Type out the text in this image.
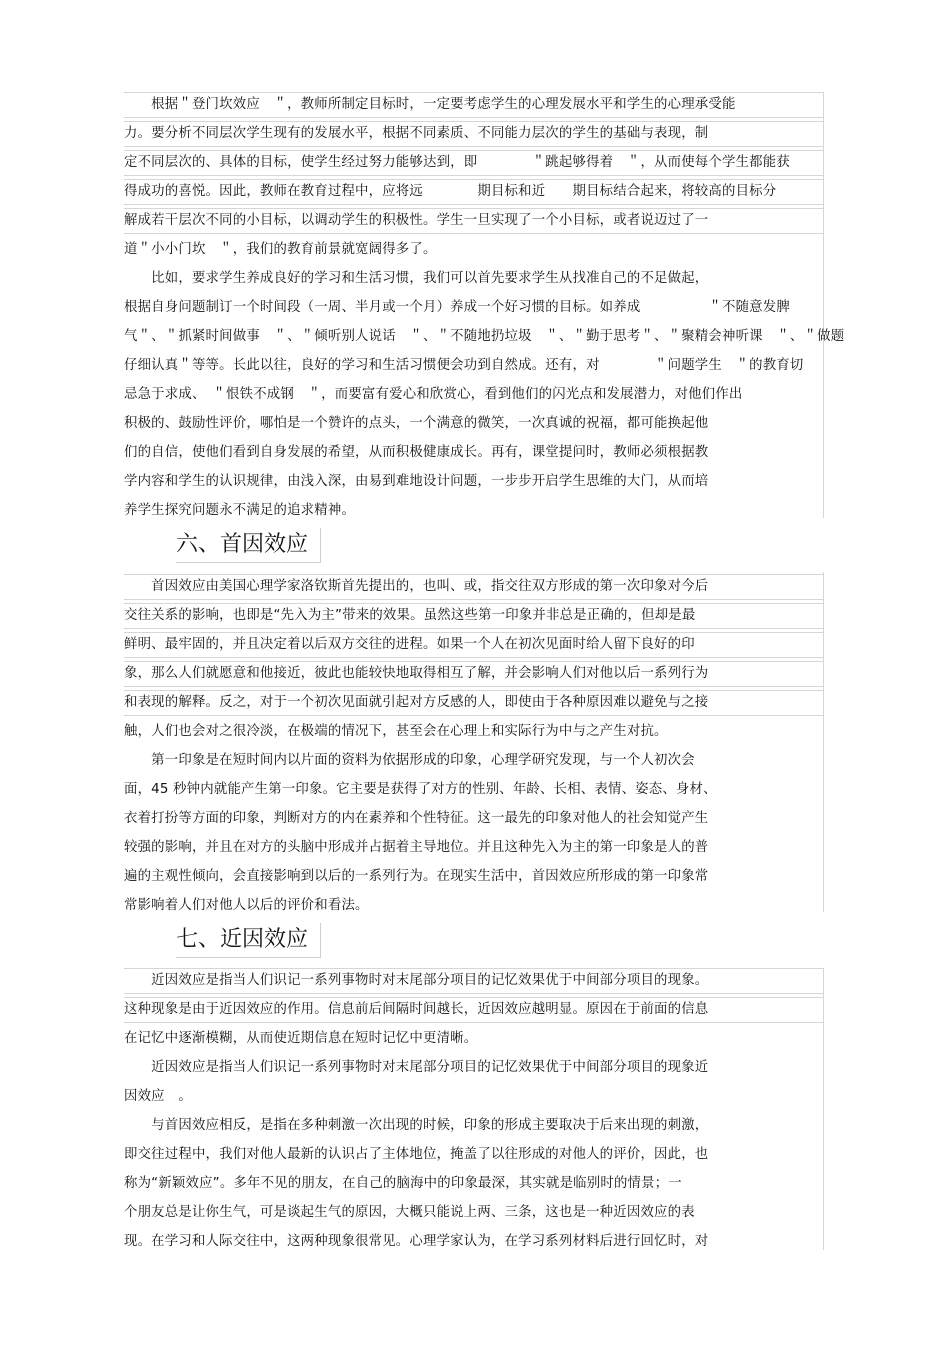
　　根据＂登门坎效应　＂，教师所制定目标时，一定要考虑学生的心理发展水平和学生的心理承受能
力。要分析不同层次学生现有的发展水平，根据不同素质、不同能力层次的学生的基础与表现，制
定不同层次的、具体的目标，使学生经过努力能够达到，即　　　　＂跳起够得着　＂，从而使每个学生都能获
得成功的喜悦。因此，教师在教育过程中，应将远　　　　期目标和近　　期目标结合起来，将较高的目标分
解成若干层次不同的小目标，以调动学生的积极性。学生一旦实现了一个小目标，或者说迈过了一
道＂小小门坎　＂，我们的教育前景就宽阔得多了。
　　比如，要求学生养成良好的学习和生活习惯，我们可以首先要求学生从找准自己的不足做起，
根据自身问题制订一个时间段（一周、半月或一个月）养成一个好习惯的目标。如养成　　　　　＂不随意发脾
气＂、＂抓紧时间做事　＂、＂倾听别人说话　＂、＂不随地扔垃圾　＂、＂勤于思考＂、＂聚精会神听课　＂、＂做题
仔细认真＂等等。长此以往，良好的学习和生活习惯便会功到自然成。还有，对　　　　＂问题学生　＂的教育切
忌急于求成、　＂恨铁不成钢　＂，而要富有爱心和欣赏心，看到他们的闪光点和发展潜力，对他们作出
积极的、鼓励性评价，哪怕是一个赞许的点头，一个满意的微笑，一次真诚的祝福，都可能换起他
们的自信，使他们看到自身发展的希望，从而积极健康成长。再有，课堂提问时，教师必须根据教
学内容和学生的认识规律，由浅入深，由易到难地设计问题，一步步开启学生思维的大门，从而培
养学生探究问题永不满足的追求精神。
六、首因效应
　　首因效应由美国心理学家洛钦斯首先提出的，也叫、或，指交往双方形成的第一次印象对今后
交往关系的影响，也即是“先入为主”带来的效果。虽然这些第一印象并非总是正确的，但却是最
鲜明、最牢固的，并且决定着以后双方交往的进程。如果一个人在初次见面时给人留下良好的印
象，那么人们就愿意和他接近，彼此也能较快地取得相互了解，并会影响人们对他以后一系列行为
和表现的解释。反之，对于一个初次见面就引起对方反感的人，即使由于各种原因难以避免与之接
触，人们也会对之很冷淡，在极端的情况下，甚至会在心理上和实际行为中与之产生对抗。
　　第一印象是在短时间内以片面的资料为依据形成的印象，心理学研究发现，与一个人初次会
面，45 秒钟内就能产生第一印象。它主要是获得了对方的性别、年龄、长相、表情、姿态、身材、
衣着打扮等方面的印象，判断对方的内在素养和个性特征。这一最先的印象对他人的社会知觉产生
较强的影响，并且在对方的头脑中形成并占据着主导地位。并且这种先入为主的第一印象是人的普
遍的主观性倾向，会直接影响到以后的一系列行为。在现实生活中，首因效应所形成的第一印象常
常影响着人们对他人以后的评价和看法。
七、近因效应
　　近因效应是指当人们识记一系列事物时对末尾部分项目的记忆效果优于中间部分项目的现象。
这种现象是由于近因效应的作用。信息前后间隔时间越长，近因效应越明显。原因在于前面的信息
在记忆中逐渐模糊，从而使近期信息在短时记忆中更清晰。
　　近因效应是指当人们识记一系列事物时对末尾部分项目的记忆效果优于中间部分项目的现象近
因效应　。
　　与首因效应相反，是指在多种刺激一次出现的时候，印象的形成主要取决于后来出现的刺激，
即交往过程中，我们对他人最新的认识占了主体地位，掩盖了以往形成的对他人的评价，因此，也
称为“新颖效应”。多年不见的朋友，在自己的脑海中的印象最深，其实就是临别时的情景；一
个朋友总是让你生气，可是谈起生气的原因，大概只能说上两、三条，这也是一种近因效应的表
现。在学习和人际交往中，这两种现象很常见。心理学家认为，在学习系列材料后进行回忆时，对
